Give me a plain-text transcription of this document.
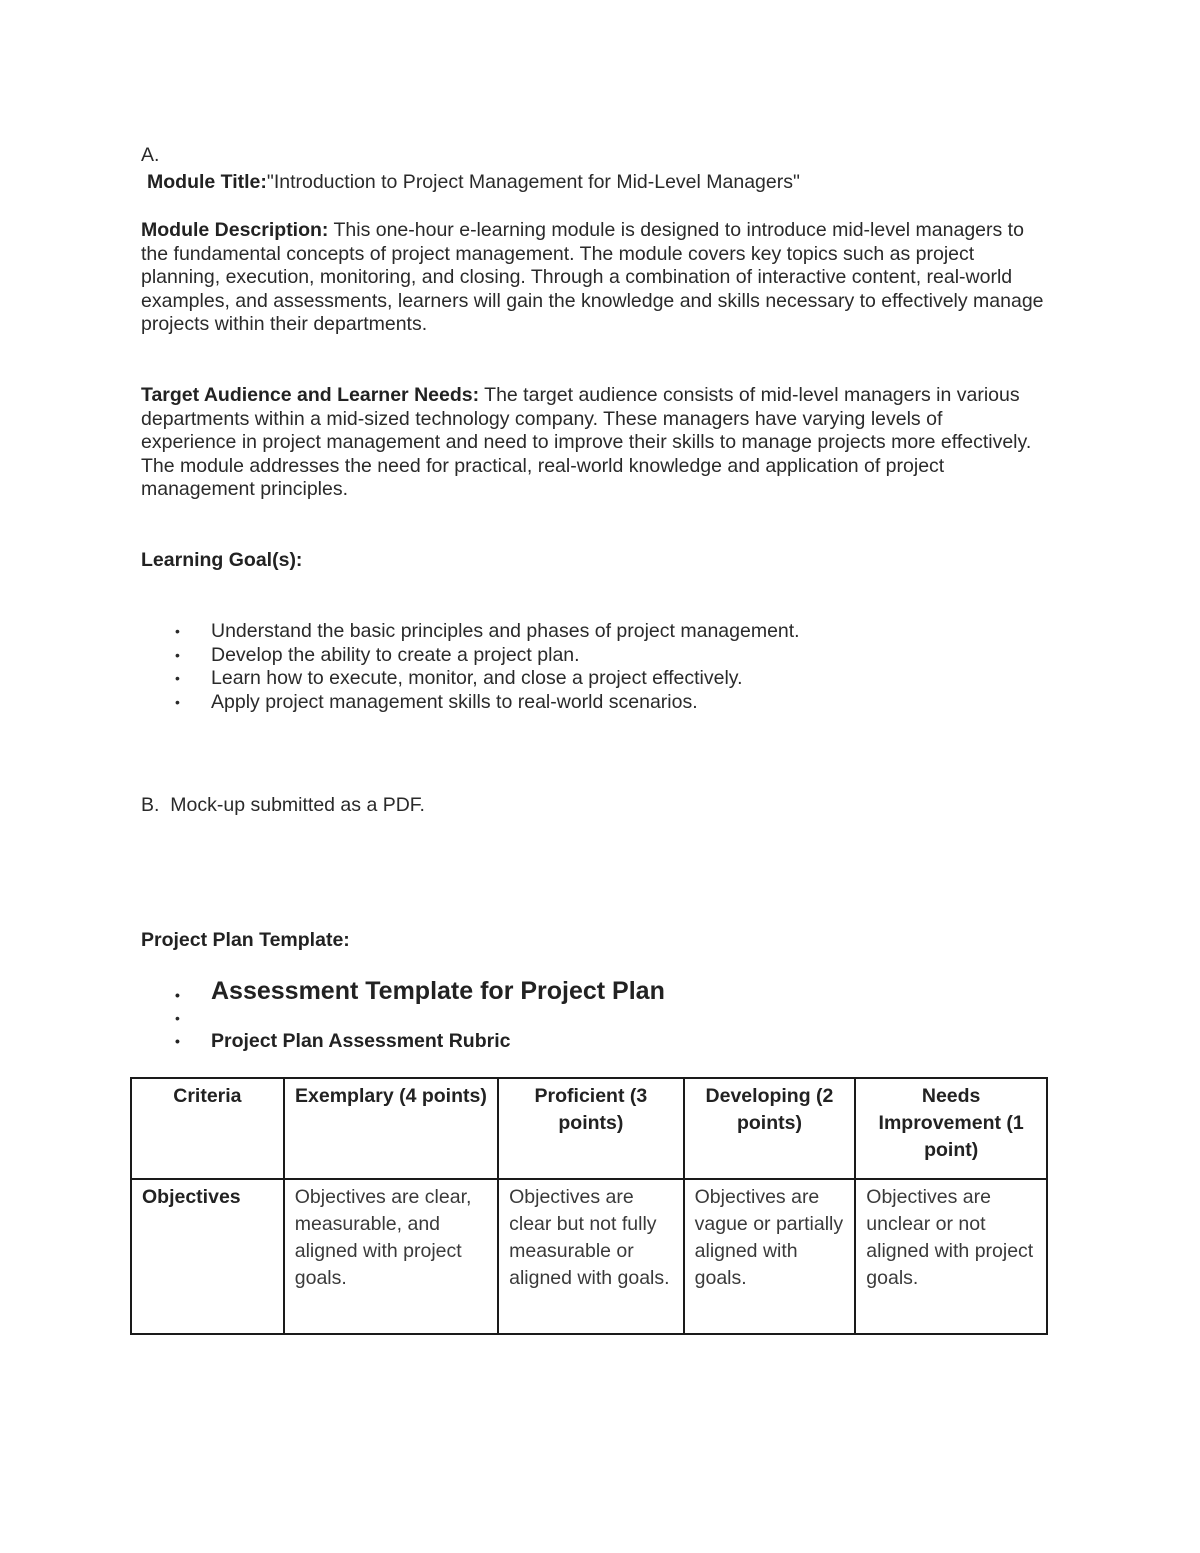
A.
Module Title:"Introduction to Project Management for Mid-Level Managers"

Module Description: This one-hour e-learning module is designed to introduce mid-level managers to the fundamental concepts of project management. The module covers key topics such as project planning, execution, monitoring, and closing. Through a combination of interactive content, real-world examples, and assessments, learners will gain the knowledge and skills necessary to effectively manage projects within their departments.

Target Audience and Learner Needs: The target audience consists of mid-level managers in various departments within a mid-sized technology company. These managers have varying levels of experience in project management and need to improve their skills to manage projects more effectively. The module addresses the need for practical, real-world knowledge and application of project management principles.

Learning Goal(s):
• Understand the basic principles and phases of project management.
• Develop the ability to create a project plan.
• Learn how to execute, monitor, and close a project effectively.
• Apply project management skills to real-world scenarios.
B. Mock-up submitted as a PDF.
Project Plan Template:
• Assessment Template for Project Plan
•
• Project Plan Assessment Rubric
Criteria	Exemplary (4 points)	Proficient (3 points)	Developing (2 points)	Needs Improvement (1 point)
Objectives	Objectives are clear, measurable, and aligned with project goals.	Objectives are clear but not fully measurable or aligned with goals.	Objectives are vague or partially aligned with goals.	Objectives are unclear or not aligned with project goals.
